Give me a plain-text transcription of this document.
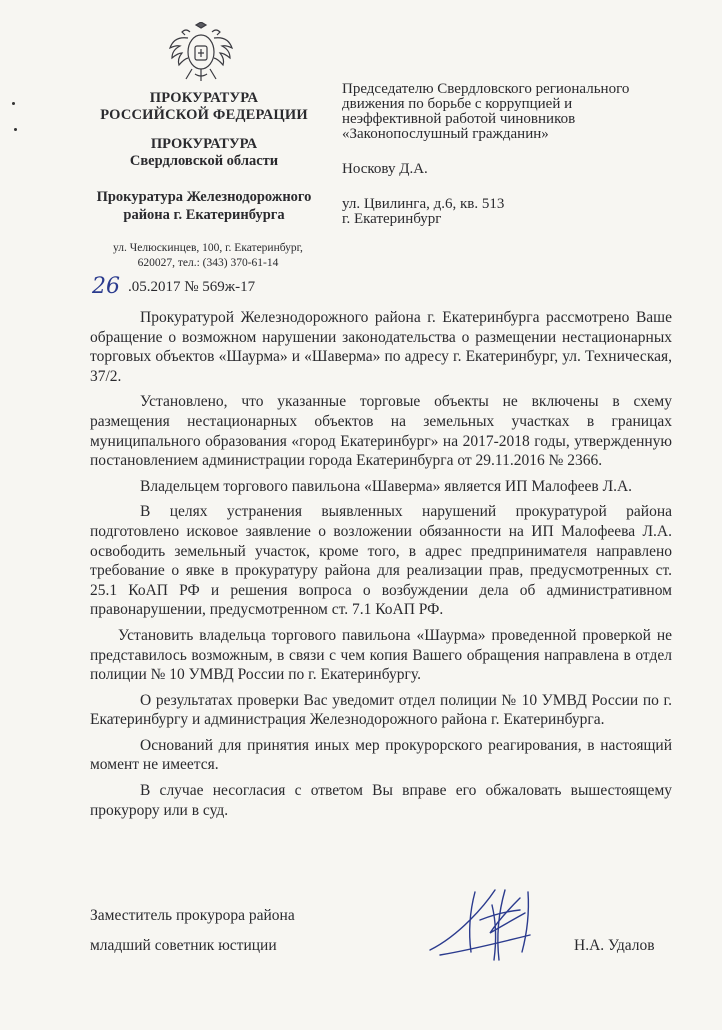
ПРОКУРАТУРА
РОССИЙСКОЙ ФЕДЕРАЦИИ
ПРОКУРАТУРА
Свердловской области
Прокуратура Железнодорожного
района г. Екатеринбурга
ул. Челюскинцев, 100, г. Екатеринбург,
620027, тел.: (343) 370-61-14
Председателю Свердловского регионального
движения по борьбе с коррупцией и
неэффективной работой чиновников
«Законопослушный гражданин»
Носкову Д.А.
ул. Цвилинга, д.6, кв. 513
г. Екатеринбург
26 .05.2017 № 569ж-17

Прокуратурой Железнодорожного района г. Екатеринбурга рассмотрено Ваше обращение о возможном нарушении законодательства о размещении нестационарных торговых объектов «Шаурма» и «Шаверма» по адресу г. Екатеринбург, ул. Техническая, 37/2.

Установлено, что указанные торговые объекты не включены в схему размещения нестационарных объектов на земельных участках в границах муниципального образования «город Екатеринбург» на 2017-2018 годы, утвержденную постановлением администрации города Екатеринбурга от 29.11.2016 № 2366.

Владельцем торгового павильона «Шаверма» является ИП Малофеев Л.А.

В целях устранения выявленных нарушений прокуратурой района подготовлено исковое заявление о возложении обязанности на ИП Малофеева Л.А. освободить земельный участок, кроме того, в адрес предпринимателя направлено требование о явке в прокуратуру района для реализации прав, предусмотренных ст. 25.1 КоАП РФ и решения вопроса о возбуждении дела об административном правонарушении, предусмотренном ст. 7.1 КоАП РФ.

Установить владельца торгового павильона «Шаурма» проведенной проверкой не представилось возможным, в связи с чем копия Вашего обращения направлена в отдел полиции № 10 УМВД России по г. Екатеринбургу.

О результатах проверки Вас уведомит отдел полиции № 10 УМВД России по г. Екатеринбургу и администрация Железнодорожного района г. Екатеринбурга.

Оснований для принятия иных мер прокурорского реагирования, в настоящий момент не имеется.

В случае несогласия с ответом Вы вправе его обжаловать вышестоящему прокурору или в суд.

Заместитель прокурора района
младший советник юстиции	Н.А. Удалов
